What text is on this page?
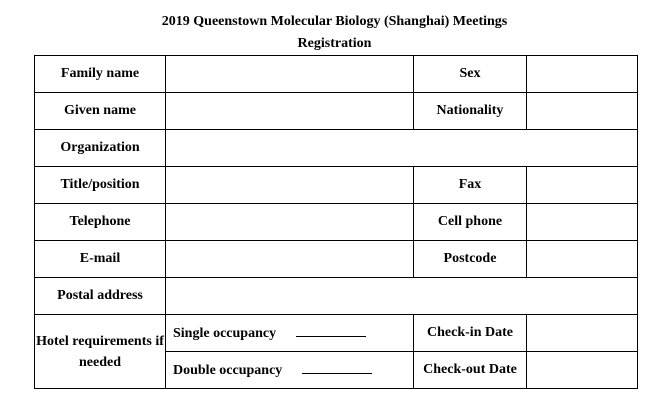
2019 Queenstown Molecular Biology (Shanghai) Meetings
Registration
Family name		Sex	
Given name		Nationality	
Organization			
Title/position		Fax	
Telephone		Cell phone	
E-mail		Postcode	
Postal address			
Hotel requirements if needed	Single occupancy	Check-in Date	
	Double occupancy	Check-out Date	
